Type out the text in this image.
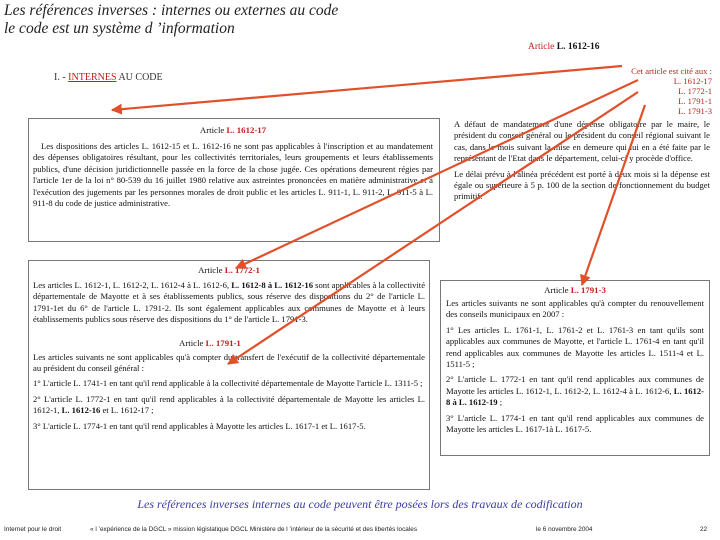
Les références inverses : internes ou externes au code
le code est un système d ’information
Article L. 1612-16
Cet article est cité aux :
L. 1612-17
L. 1772-1
L. 1791-1
L. 1791-3
I. - INTERNES AU CODE
Article L. 1612-17
Les dispositions des articles L. 1612-15 et L. 1612-16 ne sont pas applicables à l'inscription et au mandatement des dépenses obligatoires résultant, pour les collectivités territoriales, leurs groupements et leurs établissements publics, d'une décision juridictionnelle passée en la force de la chose jugée. Ces opérations demeurent régies par l'article 1er de la loi n° 80-539 du 16 juillet 1980 relative aux astreintes prononcées en matière administrative et à l'exécution des jugements par les personnes morales de droit public et les articles L. 911-1, L. 911-2, L. 911-5 à L. 911-8 du code de justice administrative.

A défaut de mandatement d'une dépense obligatoire par le maire, le président du conseil général ou le président du conseil régional suivant le cas, dans le mois suivant la mise en demeure qui lui en a été faite par le représentant de l'Etat dans le département, celui-ci y procède d'office.

Le délai prévu à l'alinéa précédent est porté à deux mois si la dépense est égale ou supérieure à 5 p. 100 de la section de fonctionnement du budget primitif.

Article L. 1772-1
Les articles L. 1612-1, L. 1612-2, L. 1612-4 à L. 1612-6, L. 1612-8 à L. 1612-16 sont applicables à la collectivité départementale de Mayotte et à ses établissements publics, sous réserve des dispositions du 2° de l'article L. 1791-1et du 6° de l'article L. 1791-2. Ils sont également applicables aux communes de Mayotte et à leurs établissements publics sous réserve des dispositions du 1° de l'article L. 1791-3.
Article L. 1791-1

Les articles suivants ne sont applicables qu'à compter du transfert de l'exécutif de la collectivité départementale au président du conseil général :

1° L'article L. 1741-1 en tant qu'il rend applicable à la collectivité départementale de Mayotte l'article L. 1311-5 ;

2° L'article L. 1772-1 en tant qu'il rend applicables à la collectivité départementale de Mayotte les articles L. 1612-1, L. 1612-16 et L. 1612-17 ;

3° L'article L. 1774-1 en tant qu'il rend applicables à Mayotte les articles L. 1617-1 et L. 1617-5.

Article L. 1791-3

Les articles suivants ne sont applicables qu'à compter du renouvellement des conseils municipaux en 2007 :

1° Les articles L. 1761-1, L. 1761-2 et L. 1761-3 en tant qu'ils sont applicables aux communes de Mayotte, et l'article L. 1761-4 en tant qu'il rend applicables aux communes de Mayotte les articles L. 1511-4 et L. 1511-5 ;

2° L'article L. 1772-1 en tant qu'il rend applicables aux communes de Mayotte les articles L. 1612-1, L. 1612-2, L. 1612-4 à L. 1612-6, L. 1612-8 à L. 1612-19 ;

3° L'article L. 1774-1 en tant qu'il rend applicables aux communes de Mayotte les articles L. 1617-1à L. 1617-5.

Les références inverses internes au code peuvent être posées lors des travaux de codification
Internet pour le droit	« l ’expérience de la DGCL » mission législatique DGCL Ministère de l ’intérieur de la sécurité et des libertés locales	le 6 novembre 2004	22
